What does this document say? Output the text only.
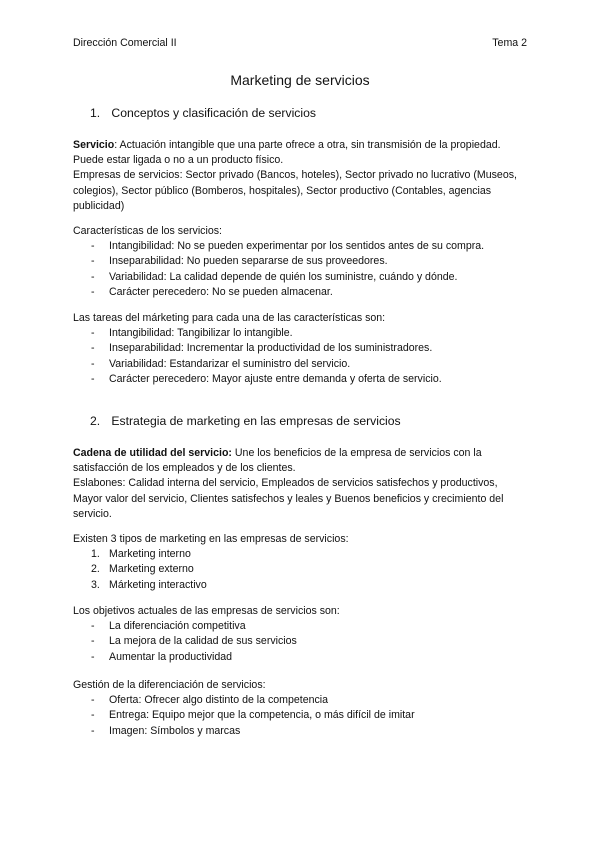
Dirección Comercial II	Tema 2
Marketing de servicios
1. Conceptos y clasificación de servicios

Servicio: Actuación intangible que una parte ofrece a otra, sin transmisión de la propiedad. Puede estar ligada o no a un producto físico.

Empresas de servicios: Sector privado (Bancos, hoteles), Sector privado no lucrativo (Museos, colegios), Sector público (Bomberos, hospitales), Sector productivo (Contables, agencias publicidad)

Características de los servicios:

- Intangibilidad: No se pueden experimentar por los sentidos antes de su compra.
- Inseparabilidad: No pueden separarse de sus proveedores.
- Variabilidad: La calidad depende de quién los suministre, cuándo y dónde.
- Carácter perecedero: No se pueden almacenar.

Las tareas del márketing para cada una de las características son:

- Intangibilidad: Tangibilizar lo intangible.
- Inseparabilidad: Incrementar la productividad de los suministradores.
- Variabilidad: Estandarizar el suministro del servicio.
- Carácter perecedero: Mayor ajuste entre demanda y oferta de servicio.
2. Estrategia de marketing en las empresas de servicios

Cadena de utilidad del servicio: Une los beneficios de la empresa de servicios con la satisfacción de los empleados y de los clientes.

Eslabones: Calidad interna del servicio, Empleados de servicios satisfechos y productivos, Mayor valor del servicio, Clientes satisfechos y leales y Buenos beneficios y crecimiento del servicio.

Existen 3 tipos de marketing en las empresas de servicios:

1. Marketing interno
2. Marketing externo
3. Márketing interactivo

Los objetivos actuales de las empresas de servicios son:

- La diferenciación competitiva
- La mejora de la calidad de sus servicios
- Aumentar la productividad

Gestión de la diferenciación de servicios:

- Oferta: Ofrecer algo distinto de la competencia
- Entrega: Equipo mejor que la competencia, o más difícil de imitar
- Imagen: Símbolos y marcas
